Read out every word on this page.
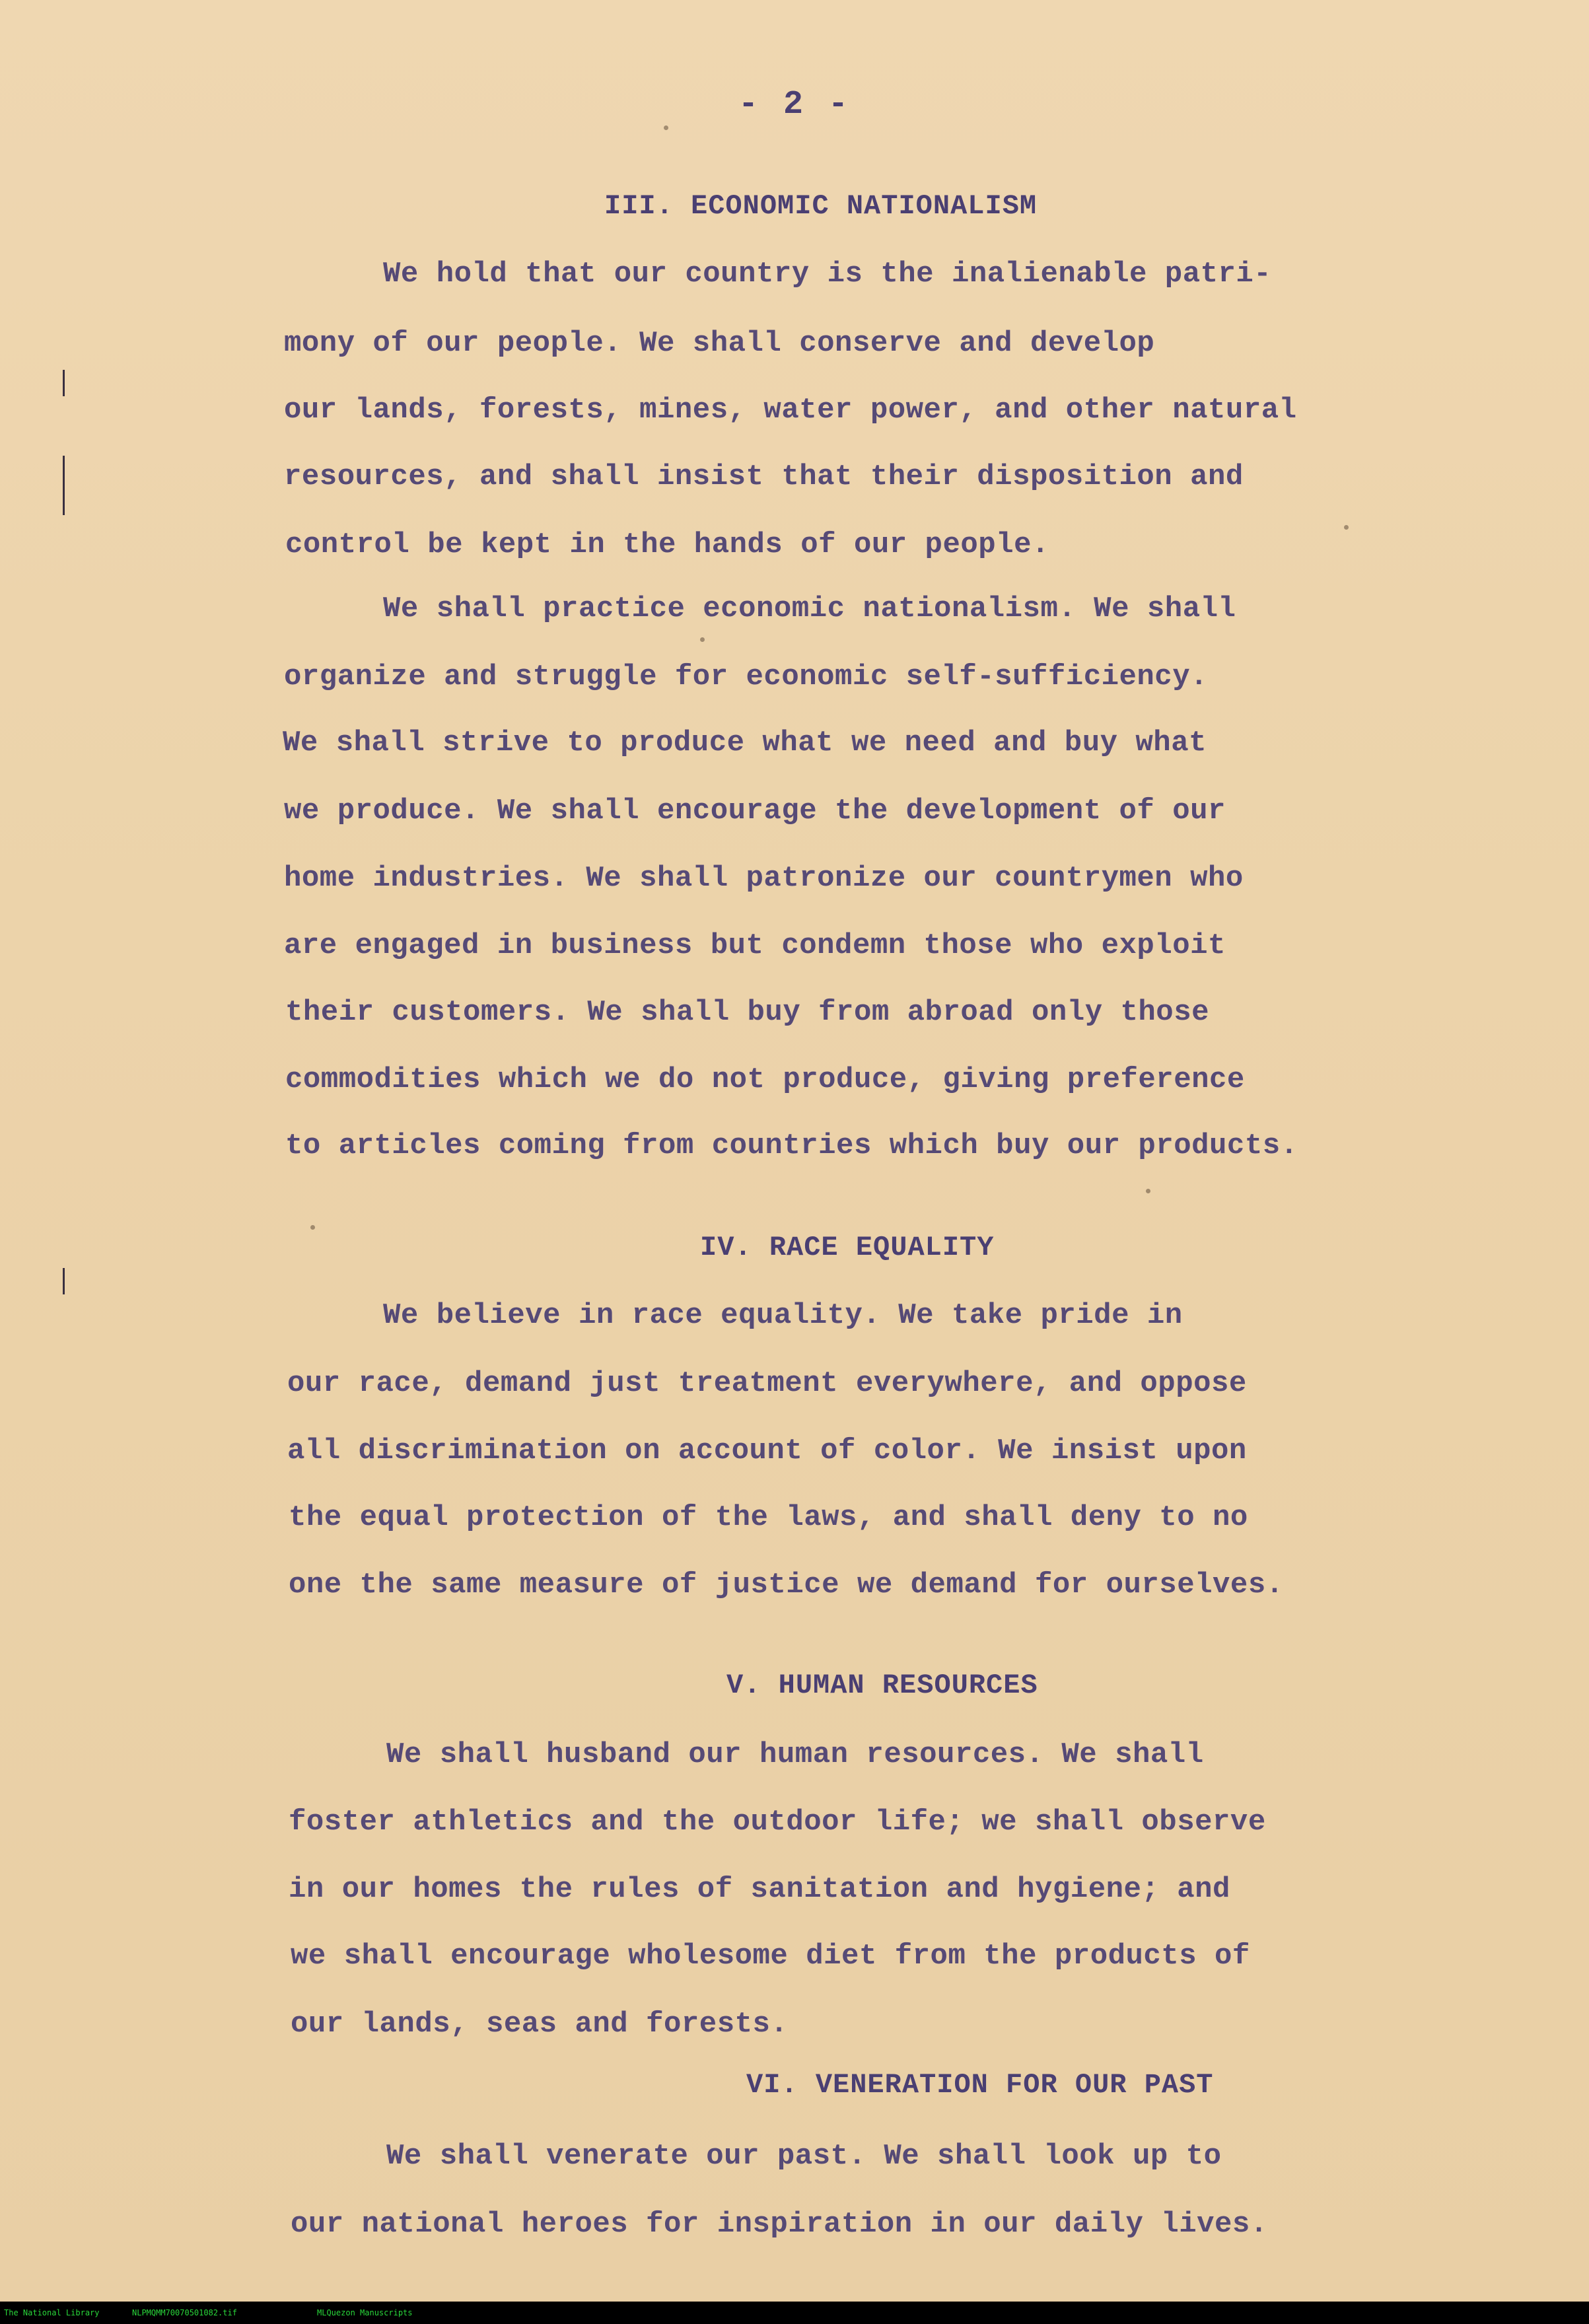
- 2 -
III. ECONOMIC NATIONALISM
We hold that our country is the inalienable patri-
mony of our people. We shall conserve and develop
our lands, forests, mines, water power, and other natural
resources, and shall insist that their disposition and
control be kept in the hands of our people.
We shall practice economic nationalism. We shall
organize and struggle for economic self-sufficiency.
We shall strive to produce what we need and buy what
we produce. We shall encourage the development of our
home industries. We shall patronize our countrymen who
are engaged in business but condemn those who exploit
their customers. We shall buy from abroad only those
commodities which we do not produce, giving preference
to articles coming from countries which buy our products.
IV. RACE EQUALITY
We believe in race equality. We take pride in
our race, demand just treatment everywhere, and oppose
all discrimination on account of color. We insist upon
the equal protection of the laws, and shall deny to no
one the same measure of justice we demand for ourselves.
V. HUMAN RESOURCES
We shall husband our human resources. We shall
foster athletics and the outdoor life; we shall observe
in our homes the rules of sanitation and hygiene; and
we shall encourage wholesome diet from the products of
our lands, seas and forests.
VI. VENERATION FOR OUR PAST
We shall venerate our past. We shall look up to
our national heroes for inspiration in our daily lives.
The National Library	NLPMQMM70070501082.tif	MLQuezon Manuscripts
